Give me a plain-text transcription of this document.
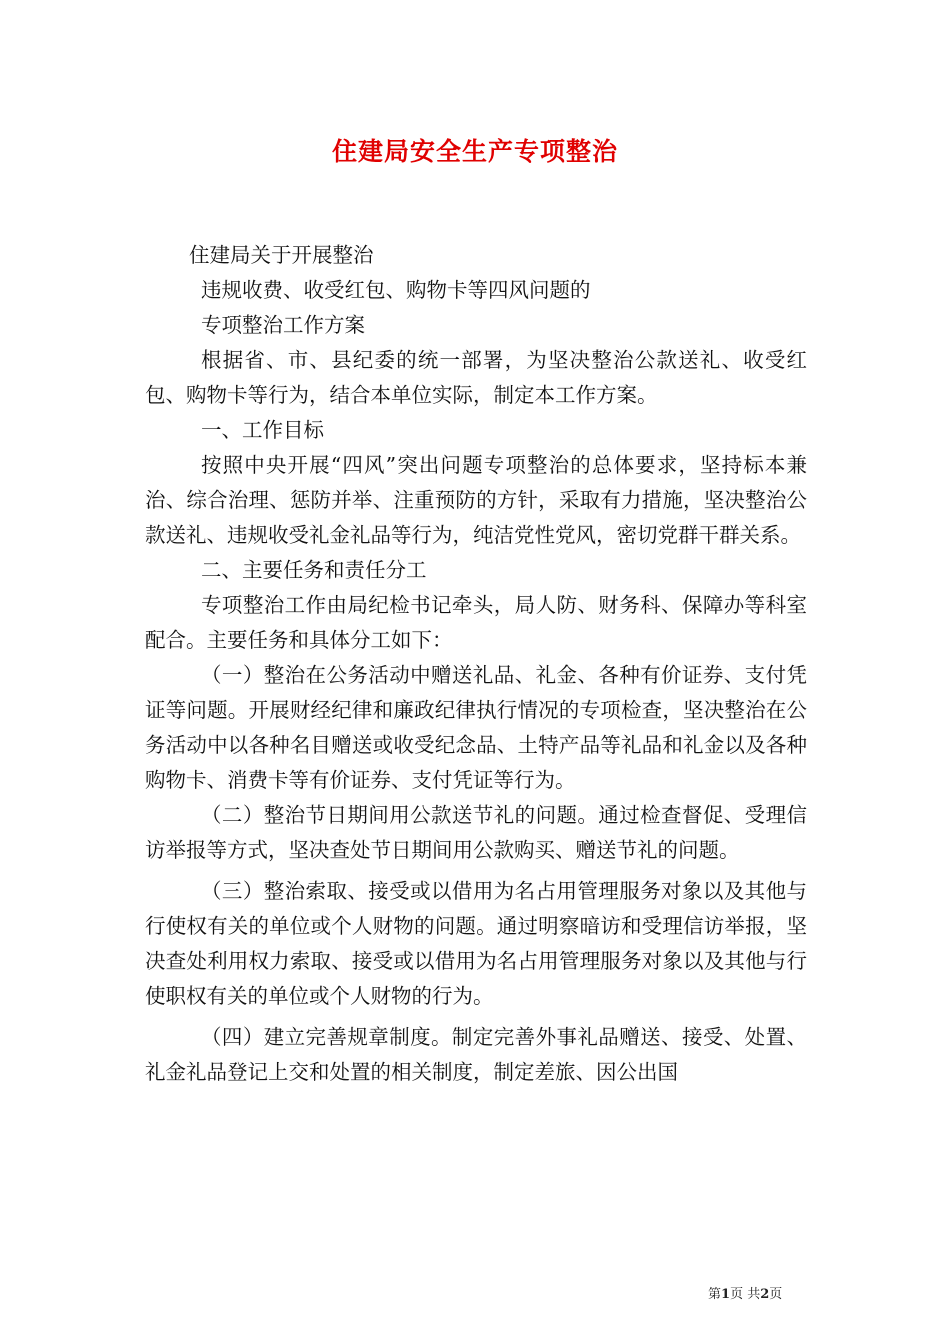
住建局安全生产专项整治

住建局关于开展整治

违规收费、收受红包、购物卡等四风问题的

专项整治工作方案

根据省、市、县纪委的统一部署，为坚决整治公款送礼、收受红包、购物卡等行为，结合本单位实际，制定本工作方案。

一、工作目标

按照中央开展“四风”突出问题专项整治的总体要求，坚持标本兼治、综合治理、惩防并举、注重预防的方针，采取有力措施，坚决整治公款送礼、违规收受礼金礼品等行为，纯洁党性党风，密切党群干群关系。

二、主要任务和责任分工

专项整治工作由局纪检书记牵头，局人防、财务科、保障办等科室配合。主要任务和具体分工如下：

（一）整治在公务活动中赠送礼品、礼金、各种有价证券、支付凭证等问题。开展财经纪律和廉政纪律执行情况的专项检查，坚决整治在公务活动中以各种名目赠送或收受纪念品、土特产品等礼品和礼金以及各种购物卡、消费卡等有价证券、支付凭证等行为。

（二）整治节日期间用公款送节礼的问题。通过检查督促、受理信访举报等方式，坚决查处节日期间用公款购买、赠送节礼的问题。

（三）整治索取、接受或以借用为名占用管理服务对象以及其他与行使权有关的单位或个人财物的问题。通过明察暗访和受理信访举报，坚决查处利用权力索取、接受或以借用为名占用管理服务对象以及其他与行使职权有关的单位或个人财物的行为。

（四）建立完善规章制度。制定完善外事礼品赠送、接受、处置、礼金礼品登记上交和处置的相关制度，制定差旅、因公出国

第1页 共2页
